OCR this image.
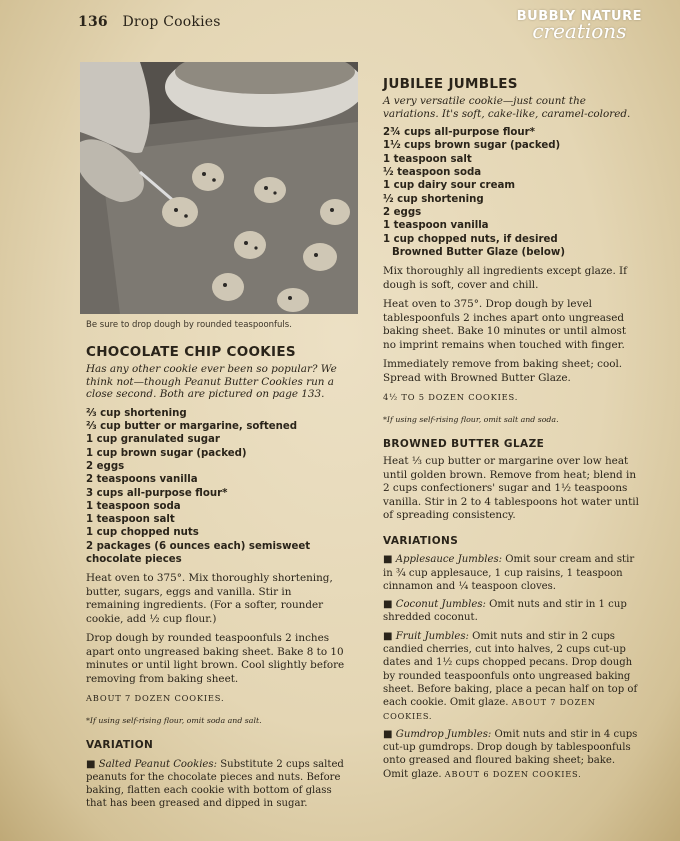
136 Drop Cookies	BUBBLY NATURE
creations
Be sure to drop dough by rounded teaspoonfuls.
CHOCOLATE CHIP COOKIES
Has any other cookie ever been so popular? We think not—though Peanut Butter Cookies run a close second. Both are pictured on page 133.
⅔ cup shortening
⅔ cup butter or margarine, softened
1 cup granulated sugar
1 cup brown sugar (packed)
2 eggs
2 teaspoons vanilla
3 cups all-purpose flour*
1 teaspoon soda
1 teaspoon salt
1 cup chopped nuts
2 packages (6 ounces each) semisweet
chocolate pieces

Heat oven to 375°. Mix thoroughly shortening, butter, sugars, eggs and vanilla. Stir in remaining ingredients. (For a softer, rounder cookie, add ½ cup flour.)

Drop dough by rounded teaspoonfuls 2 inches apart onto ungreased baking sheet. Bake 8 to 10 minutes or until light brown. Cool slightly before removing from baking sheet.

ABOUT 7 DOZEN COOKIES.

*If using self-rising flour, omit soda and salt.

VARIATION

■ Salted Peanut Cookies: Substitute 2 cups salted peanuts for the chocolate pieces and nuts. Before baking, flatten each cookie with bottom of glass that has been greased and dipped in sugar.

JUBILEE JUMBLES
A very versatile cookie—just count the variations. It's soft, cake-like, caramel-colored.
2¾ cups all-purpose flour*
1½ cups brown sugar (packed)
1 teaspoon salt
½ teaspoon soda
1 cup dairy sour cream
½ cup shortening
2 eggs
1 teaspoon vanilla
1 cup chopped nuts, if desired
Browned Butter Glaze (below)

Mix thoroughly all ingredients except glaze. If dough is soft, cover and chill.

Heat oven to 375°. Drop dough by level tablespoonfuls 2 inches apart onto ungreased baking sheet. Bake 10 minutes or until almost no imprint remains when touched with finger.

Immediately remove from baking sheet; cool. Spread with Browned Butter Glaze.

4½ TO 5 DOZEN COOKIES.

*If using self-rising flour, omit salt and soda.

BROWNED BUTTER GLAZE

Heat ⅓ cup butter or margarine over low heat until golden brown. Remove from heat; blend in 2 cups confectioners' sugar and 1½ teaspoons vanilla. Stir in 2 to 4 tablespoons hot water until of spreading consistency.

VARIATIONS

■ Applesauce Jumbles: Omit sour cream and stir in ¾ cup applesauce, 1 cup raisins, 1 teaspoon cinnamon and ¼ teaspoon cloves.

■ Coconut Jumbles: Omit nuts and stir in 1 cup shredded coconut.

■ Fruit Jumbles: Omit nuts and stir in 2 cups candied cherries, cut into halves, 2 cups cut-up dates and 1½ cups chopped pecans. Drop dough by rounded teaspoonfuls onto ungreased baking sheet. Before baking, place a pecan half on top of each cookie. Omit glaze. ABOUT 7 DOZEN COOKIES.

■ Gumdrop Jumbles: Omit nuts and stir in 4 cups cut-up gumdrops. Drop dough by tablespoonfuls onto greased and floured baking sheet; bake. Omit glaze. ABOUT 6 DOZEN COOKIES.
